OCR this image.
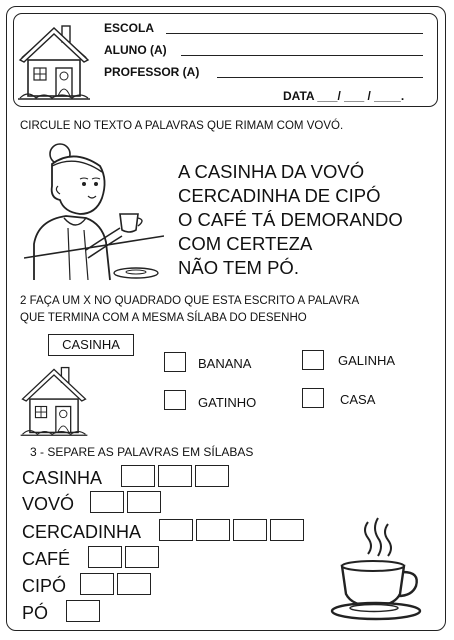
ESCOLA
ALUNO (A)
PROFESSOR (A)
DATA ___/ ___ / ____.
CIRCULE NO TEXTO A PALAVRAS QUE RIMAM COM VOVÓ.
A CASINHA DA VOVÓ
CERCADINHA DE CIPÓ
O CAFÉ TÁ DEMORANDO
COM CERTEZA
NÃO TEM PÓ.
2 FAÇA UM X NO QUADRADO QUE ESTA ESCRITO A PALAVRA
QUE TERMINA COM A MESMA SÍLABA DO DESENHO
CASINHA
BANANA	GALINHA
GATINHO	CASA
3 - SEPARE AS PALAVRAS EM SÍLABAS
CASINHA
VOVÓ
CERCADINHA
CAFÉ
CIPÓ
PÓ
